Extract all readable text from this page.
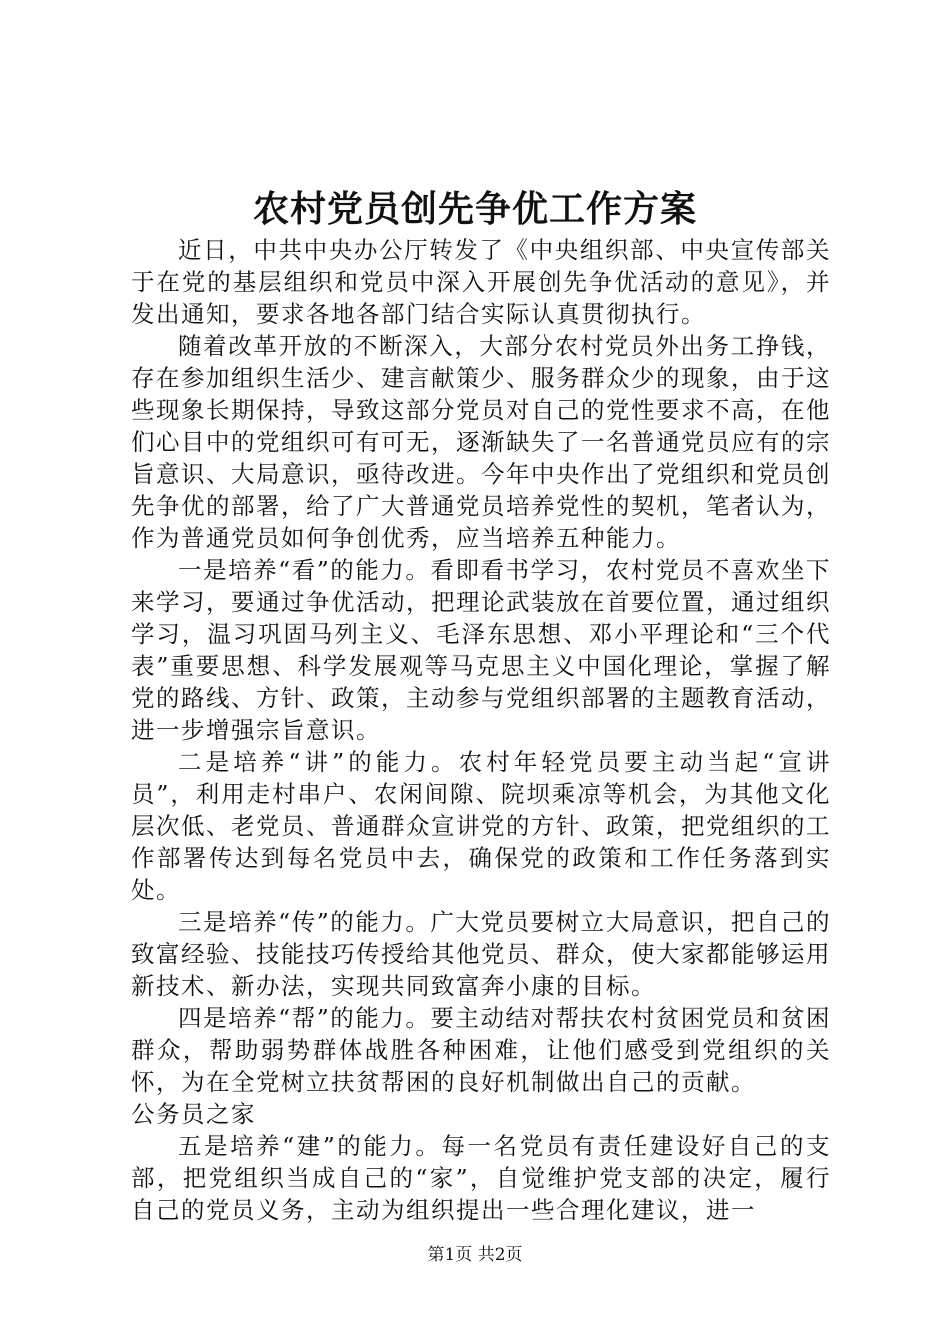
农村党员创先争优工作方案

近日，中共中央办公厅转发了《中央组织部、中央宣传部关于在党的基层组织和党员中深入开展创先争优活动的意见》，并发出通知，要求各地各部门结合实际认真贯彻执行。

随着改革开放的不断深入，大部分农村党员外出务工挣钱，存在参加组织生活少、建言献策少、服务群众少的现象，由于这些现象长期保持，导致这部分党员对自己的党性要求不高，在他们心目中的党组织可有可无，逐渐缺失了一名普通党员应有的宗旨意识、大局意识，亟待改进。今年中央作出了党组织和党员创先争优的部署，给了广大普通党员培养党性的契机，笔者认为，作为普通党员如何争创优秀，应当培养五种能力。

一是培养“看”的能力。看即看书学习，农村党员不喜欢坐下来学习，要通过争优活动，把理论武装放在首要位置，通过组织学习，温习巩固马列主义、毛泽东思想、邓小平理论和“三个代表”重要思想、科学发展观等马克思主义中国化理论，掌握了解党的路线、方针、政策，主动参与党组织部署的主题教育活动，进一步增强宗旨意识。

二是培养“讲”的能力。农村年轻党员要主动当起“宣讲员”，利用走村串户、农闲间隙、院坝乘凉等机会，为其他文化层次低、老党员、普通群众宣讲党的方针、政策，把党组织的工作部署传达到每名党员中去，确保党的政策和工作任务落到实处。

三是培养“传”的能力。广大党员要树立大局意识，把自己的致富经验、技能技巧传授给其他党员、群众，使大家都能够运用新技术、新办法，实现共同致富奔小康的目标。

四是培养“帮”的能力。要主动结对帮扶农村贫困党员和贫困群众，帮助弱势群体战胜各种困难，让他们感受到党组织的关怀，为在全党树立扶贫帮困的良好机制做出自己的贡献。

公务员之家

五是培养“建”的能力。每一名党员有责任建设好自己的支部，把党组织当成自己的“家”，自觉维护党支部的决定，履行自己的党员义务，主动为组织提出一些合理化建议，进一

第1页 共2页
